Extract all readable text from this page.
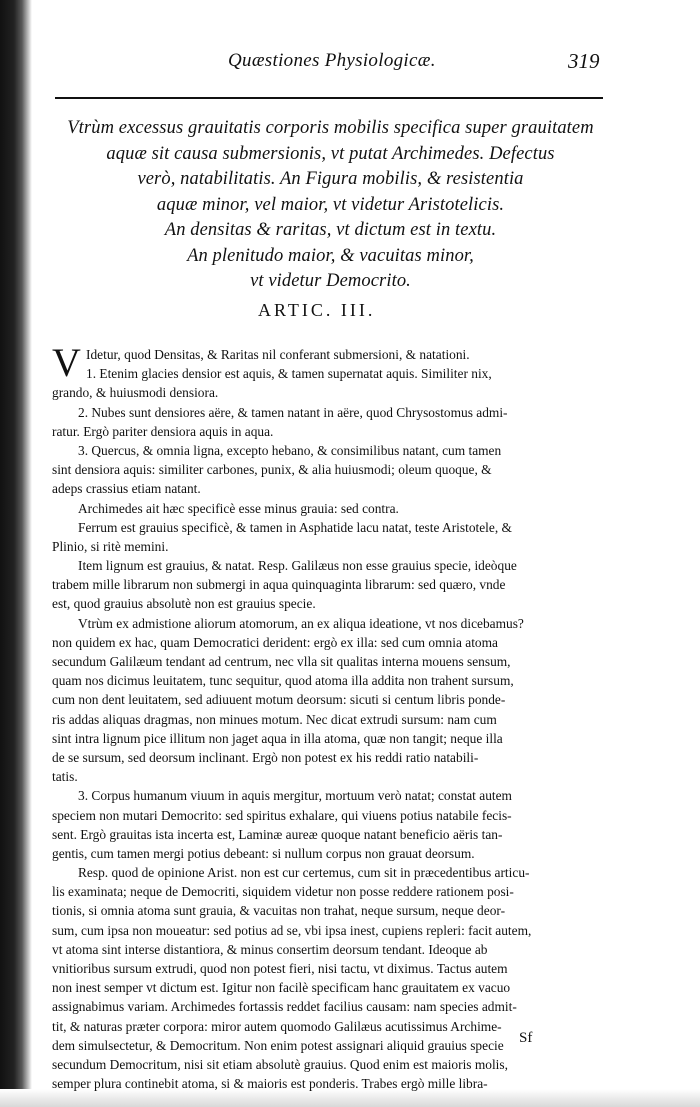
Quæstiones Physiologicæ.	319
Vtrùm excessus grauitatis corporis mobilis specifica super grauitatem
aquæ sit causa submersionis, vt putat Archimedes. Defectus
verò, natabilitatis. An Figura mobilis, & resistentia
aquæ minor, vel maior, vt videtur Aristotelicis.
An densitas & raritas, vt dictum est in textu.
An plenitudo maior, & vacuitas minor,
vt videtur Democrito.
ARTIC. III.
V Idetur, quod Densitas, & Raritas nil conferant submersioni, & natationi.
1. Etenim glacies densior est aquis, & tamen supernatat aquis. Similiter nix,
grando, & huiusmodi densiora.
2. Nubes sunt densiores aëre, & tamen natant in aëre, quod Chrysostomus admi-
ratur. Ergò pariter densiora aquis in aqua.
3. Quercus, & omnia ligna, excepto hebano, & consimilibus natant, cum tamen
sint densiora aquis: similiter carbones, punix, & alia huiusmodi; oleum quoque, &
adeps crassius etiam natant.
Archimedes ait hæc specificè esse minus grauia: sed contra.
Ferrum est grauius specificè, & tamen in Asphatide lacu natat, teste Aristotele, &
Plinio, si ritè memini.
Item lignum est grauius, & natat. Resp. Galilæus non esse grauius specie, ideòque
trabem mille librarum non submergi in aqua quinquaginta librarum: sed quæro, vnde
est, quod grauius absolutè non est grauius specie.
Vtrùm ex admistione aliorum atomorum, an ex aliqua ideatione, vt nos dicebamus?
non quidem ex hac, quam Democratici derident: ergò ex illa: sed cum omnia atoma
secundum Galilæum tendant ad centrum, nec vlla sit qualitas interna mouens sensum,
quam nos dicimus leuitatem, tunc sequitur, quod atoma illa addita non trahent sursum,
cum non dent leuitatem, sed adiuuent motum deorsum: sicuti si centum libris ponde-
ris addas aliquas dragmas, non minues motum. Nec dicat extrudi sursum: nam cum
sint intra lignum pice illitum non jaget aqua in illa atoma, quæ non tangit; neque illa
de se sursum, sed deorsum inclinant. Ergò non potest ex his reddi ratio natabili-
tatis.
3. Corpus humanum viuum in aquis mergitur, mortuum verò natat; constat autem
speciem non mutari Democrito: sed spiritus exhalare, qui viuens potius natabile fecis-
sent. Ergò grauitas ista incerta est, Laminæ aureæ quoque natant beneficio aëris tan-
gentis, cum tamen mergi potius debeant: si nullum corpus non grauat deorsum.
Resp. quod de opinione Arist. non est cur certemus, cum sit in præcedentibus articu-
lis examinata; neque de Democriti, siquidem videtur non posse reddere rationem posi-
tionis, si omnia atoma sunt grauia, & vacuitas non trahat, neque sursum, neque deor-
sum, cum ipsa non moueatur: sed potius ad se, vbi ipsa inest, cupiens repleri: facit autem,
vt atoma sint interse distantiora, & minus consertim deorsum tendant. Ideoque ab
vnitioribus sursum extrudi, quod non potest fieri, nisi tactu, vt diximus. Tactus autem
non inest semper vt dictum est. Igitur non facilè specificam hanc grauitatem ex vacuo
assignabimus variam. Archimedes fortassis reddet facilius causam: nam species admit-
tit, & naturas præter corpora: miror autem quomodo Galilæus acutissimus Archime-
dem simulsectetur, & Democritum. Non enim potest assignari aliquid grauius specie
secundum Democritum, nisi sit etiam absolutè grauius. Quod enim est maioris molis,
semper plura continebit atoma, si & maioris est ponderis. Trabes ergò mille libra-
Sf
